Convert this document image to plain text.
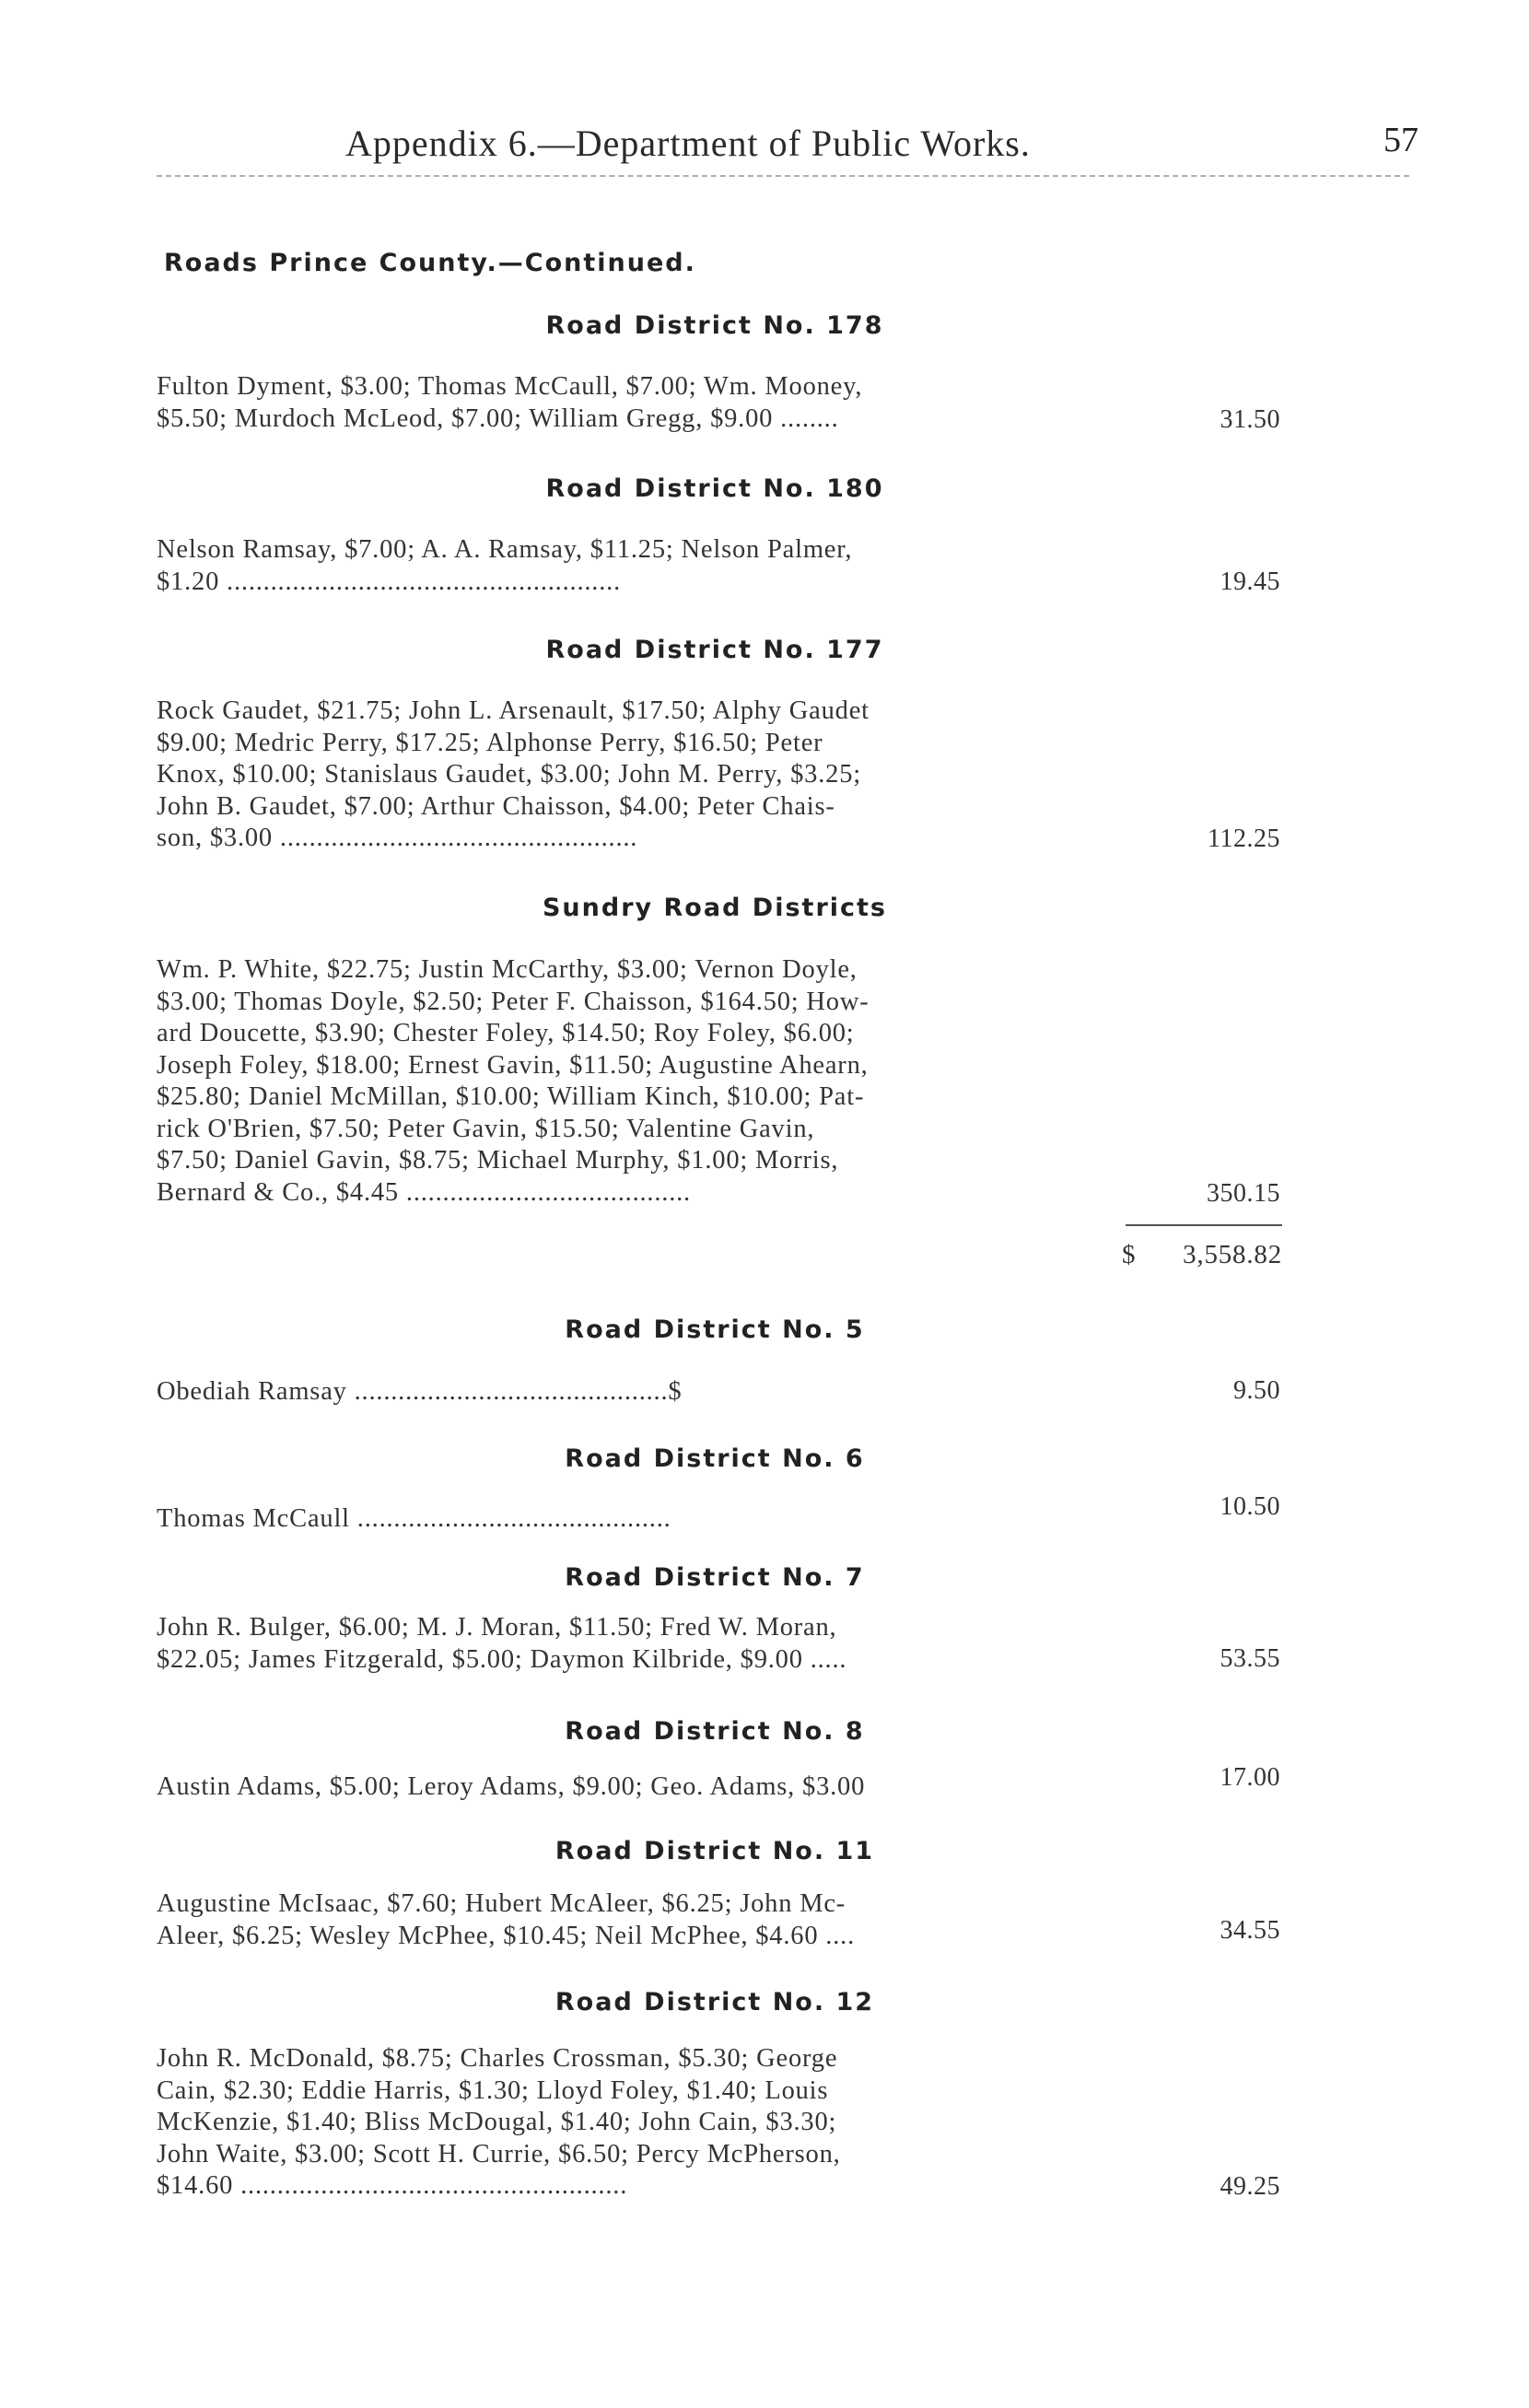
Appendix 6.—Department of Public Works.	57
Roads Prince County.—Continued.
Road District No. 178
Fulton Dyment, $3.00; Thomas McCaull, $7.00; Wm. Mooney,
$5.50; Murdoch McLeod, $7.00; William Gregg, $9.00 ........	31.50
Road District No. 180
Nelson Ramsay, $7.00; A. A. Ramsay, $11.25; Nelson Palmer,
$1.20 ......................................................	19.45
Road District No. 177
Rock Gaudet, $21.75; John L. Arsenault, $17.50; Alphy Gaudet
$9.00; Medric Perry, $17.25; Alphonse Perry, $16.50; Peter
Knox, $10.00; Stanislaus Gaudet, $3.00; John M. Perry, $3.25;
John B. Gaudet, $7.00; Arthur Chaisson, $4.00; Peter Chais-
son, $3.00 .................................................	112.25
Sundry Road Districts
Wm. P. White, $22.75; Justin McCarthy, $3.00; Vernon Doyle,
$3.00; Thomas Doyle, $2.50; Peter F. Chaisson, $164.50; How-
ard Doucette, $3.90; Chester Foley, $14.50; Roy Foley, $6.00;
Joseph Foley, $18.00; Ernest Gavin, $11.50; Augustine Ahearn,
$25.80; Daniel McMillan, $10.00; William Kinch, $10.00; Pat-
rick O'Brien, $7.50; Peter Gavin, $15.50; Valentine Gavin,
$7.50; Daniel Gavin, $8.75; Michael Murphy, $1.00; Morris,
Bernard & Co., $4.45 .......................................	350.15
$ 3,558.82
Road District No. 5
Obediah Ramsay ...........................................$	9.50
Road District No. 6
Thomas McCaull ...........................................	10.50
Road District No. 7
John R. Bulger, $6.00; M. J. Moran, $11.50; Fred W. Moran,
$22.05; James Fitzgerald, $5.00; Daymon Kilbride, $9.00 .....	53.55
Road District No. 8
Austin Adams, $5.00; Leroy Adams, $9.00; Geo. Adams, $3.00	17.00
Road District No. 11
Augustine McIsaac, $7.60; Hubert McAleer, $6.25; John Mc-
Aleer, $6.25; Wesley McPhee, $10.45; Neil McPhee, $4.60 ....	34.55
Road District No. 12
John R. McDonald, $8.75; Charles Crossman, $5.30; George
Cain, $2.30; Eddie Harris, $1.30; Lloyd Foley, $1.40; Louis
McKenzie, $1.40; Bliss McDougal, $1.40; John Cain, $3.30;
John Waite, $3.00; Scott H. Currie, $6.50; Percy McPherson,
$14.60 .....................................................	49.25
